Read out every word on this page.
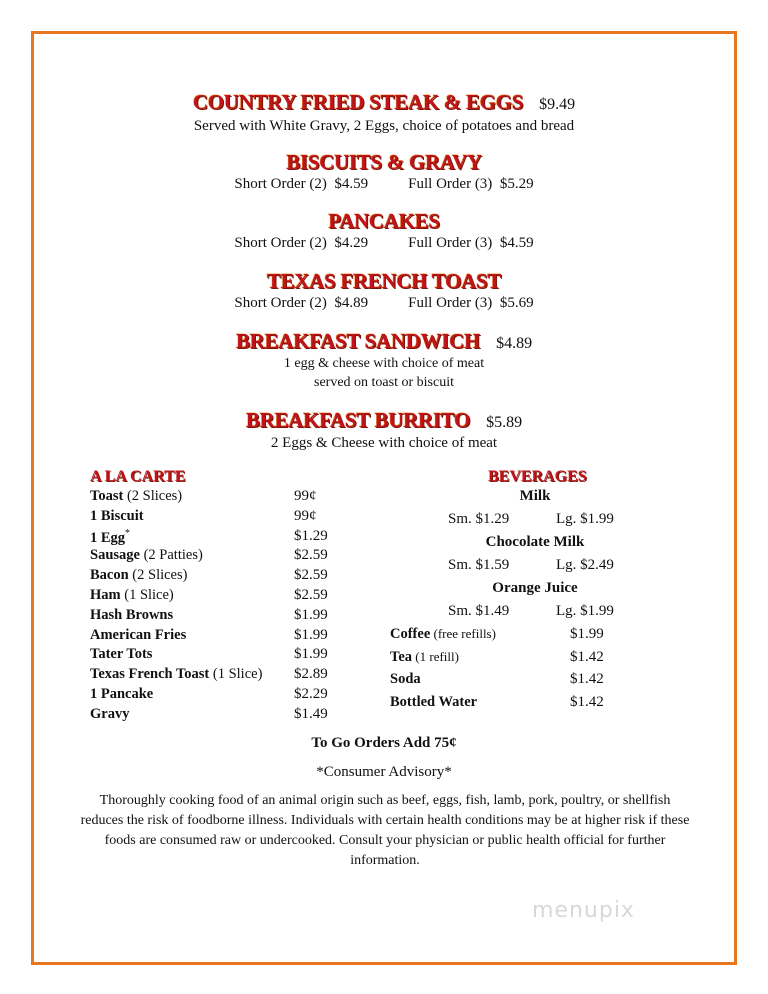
COUNTRY FRIED STEAK & EGGS $9.49
Served with White Gravy, 2 Eggs, choice of potatoes and bread
BISCUITS & GRAVY
Short Order (2) $4.59	Full Order (3) $5.29
PANCAKES
Short Order (2) $4.29	Full Order (3) $4.59
TEXAS FRENCH TOAST
Short Order (2) $4.89	Full Order (3) $5.69
BREAKFAST SANDWICH $4.89
1 egg & cheese with choice of meat
served on toast or biscuit
BREAKFAST BURRITO $5.89
2 Eggs & Cheese with choice of meat
A LA CARTE
Toast (2 Slices)	99¢
1 Biscuit	99¢
1 Egg*	$1.29
Sausage (2 Patties)	$2.59
Bacon (2 Slices)	$2.59
Ham (1 Slice)	$2.59
Hash Browns	$1.99
American Fries	$1.99
Tater Tots	$1.99
Texas French Toast (1 Slice) $2.89
1 Pancake	$2.29
Gravy	$1.49
BEVERAGES
Milk
Sm. $1.29	Lg. $1.99
Chocolate Milk
Sm. $1.59	Lg. $2.49
Orange Juice
Sm. $1.49	Lg. $1.99
Coffee (free refills)	$1.99
Tea (1 refill)	$1.42
Soda	$1.42
Bottled Water	$1.42
To Go Orders Add 75¢
*Consumer Advisory*
Thoroughly cooking food of an animal origin such as beef, eggs, fish, lamb, pork, poultry, or shellfish reduces the risk of foodborne illness. Individuals with certain health conditions may be at higher risk if these foods are consumed raw or undercooked. Consult your physician or public health official for further information.
menupix
